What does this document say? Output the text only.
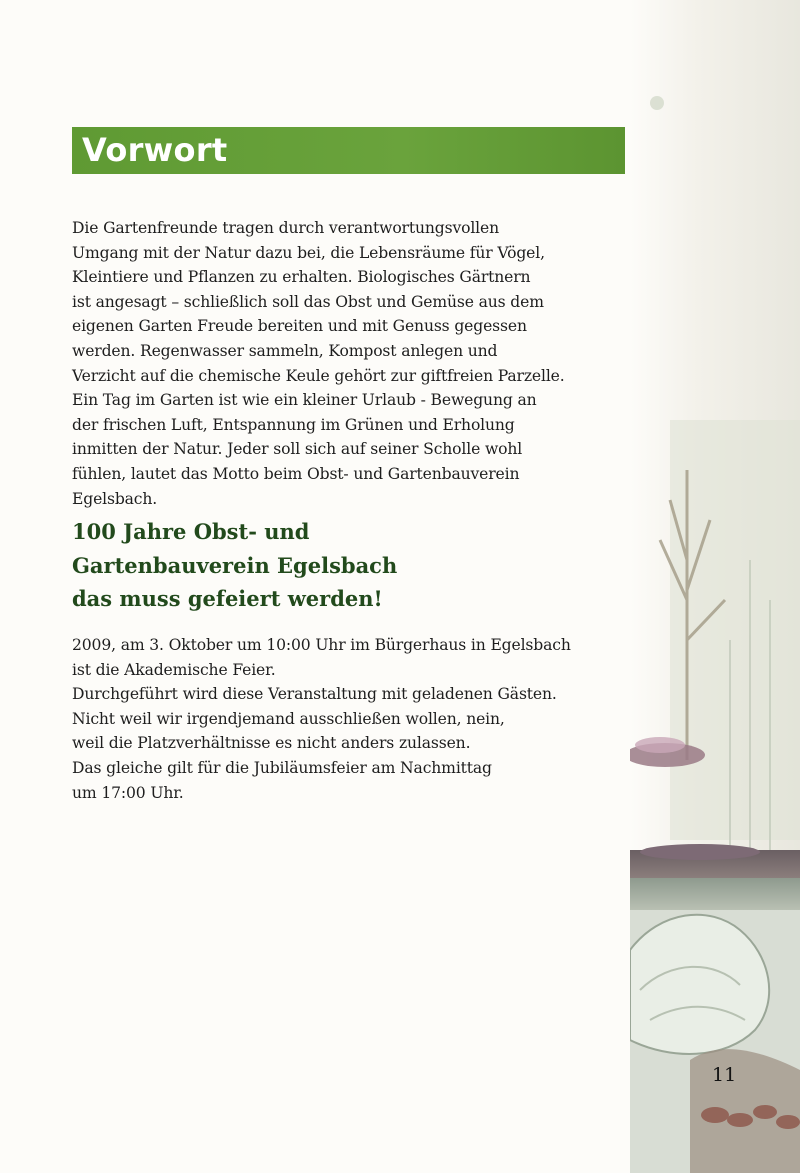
Vorwort

Die Gartenfreunde tragen durch verantwortungsvollen
Umgang mit der Natur dazu bei, die Lebensräume für Vögel,
Kleintiere und Pflanzen zu erhalten. Biologisches Gärtnern
ist angesagt – schließlich soll das Obst und Gemüse aus dem
eigenen Garten Freude bereiten und mit Genuss gegessen
werden. Regenwasser sammeln, Kompost anlegen und
Verzicht auf die chemische Keule gehört zur giftfreien Parzelle.
Ein Tag im Garten ist wie ein kleiner Urlaub - Bewegung an
der frischen Luft, Entspannung im Grünen und Erholung
inmitten der Natur. Jeder soll sich auf seiner Scholle wohl
fühlen, lautet das Motto beim Obst- und Gartenbauverein
Egelsbach.

100 Jahre Obst- und
Gartenbauverein Egelsbach
das muss gefeiert werden!

2009, am 3. Oktober um 10:00 Uhr im Bürgerhaus in Egelsbach
ist die Akademische Feier.
Durchgeführt wird diese Veranstaltung mit geladenen Gästen.
Nicht weil wir irgendjemand ausschließen wollen, nein,
weil die Platzverhältnisse es nicht anders zulassen.
Das gleiche gilt für die Jubiläumsfeier am Nachmittag
um 17:00 Uhr.

11
